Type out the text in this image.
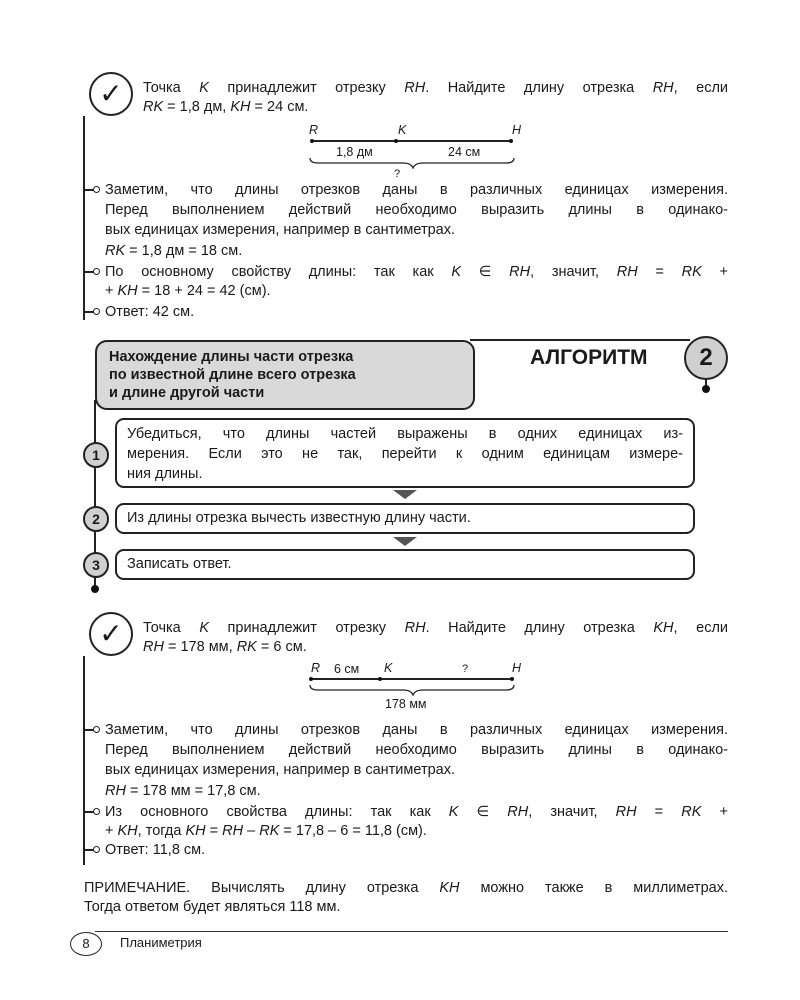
✓	Точка K принадлежит отрезку RH. Найдите длину отрезка RH, если
RK = 1,8 дм, KH = 24 см.
R	K	H
1,8 дм	24 см
?
Заметим, что длины отрезков даны в различных единицах измерения.
Перед выполнением действий необходимо выразить длины в одинако-
вых единицах измерения, например в сантиметрах.
RK = 1,8 дм = 18 см.
По основному свойству длины: так как K ∈ RH, значит, RH = RK +
+ KH = 18 + 24 = 42 (см).
Ответ: 42 см.
Нахождение длины части отрезка
по известной длине всего отрезка
и длине другой части
АЛГОРИТМ	2
Убедиться, что длины частей выражены в одних единицах из-
мерения. Если это не так, перейти к одним единицам измере-
ния длины.
1
Из длины отрезка вычесть известную длину части.
2
Записать ответ.
3
✓	Точка K принадлежит отрезку RH. Найдите длину отрезка KH, если
RH = 178 мм, RK = 6 см.
R	K	H
6 см	?
178 мм
Заметим, что длины отрезков даны в различных единицах измерения.
Перед выполнением действий необходимо выразить длины в одинако-
вых единицах измерения, например в сантиметрах.
RH = 178 мм = 17,8 см.
Из основного свойства длины: так как K ∈ RH, значит, RH = RK +
+ KH, тогда KH = RH – RK = 17,8 – 6 = 11,8 (см).
Ответ: 11,8 см.
ПРИМЕЧАНИЕ. Вычислять длину отрезка KH можно также в миллиметрах.
Тогда ответом будет являться 118 мм.
8	Планиметрия
